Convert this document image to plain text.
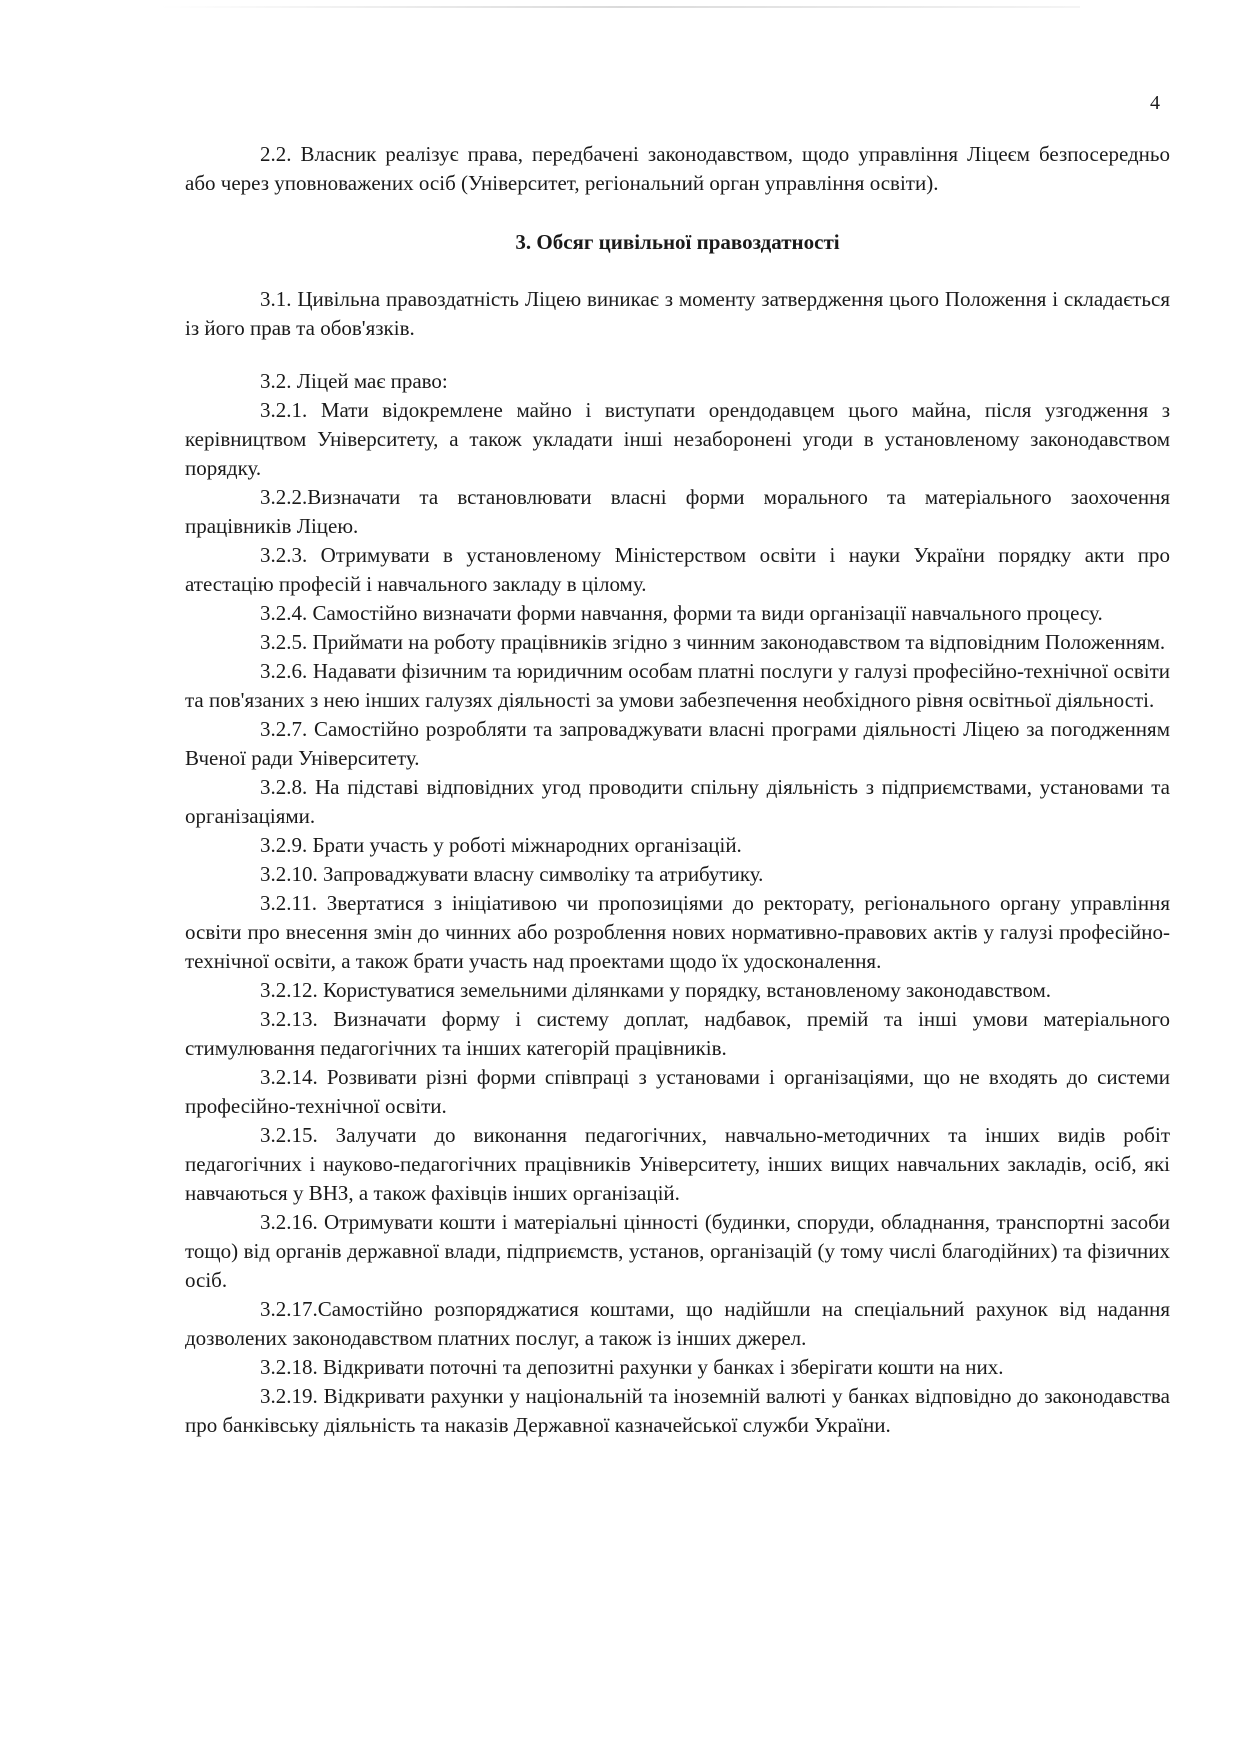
4

2.2. Власник реалізує права, передбачені законодавством, щодо управління Ліцеєм безпосередньо або через уповноважених осіб (Університет, регіональний орган управління освіти).

3. Обсяг цивільної правоздатності

3.1. Цивільна правоздатність Ліцею виникає з моменту затвердження цього Положення і складається із його прав та обов'язків.

3.2. Ліцей має право:

3.2.1. Мати відокремлене майно і виступати орендодавцем цього майна, після узгодження з керівництвом Університету, а також укладати інші незаборонені угоди в установленому законодавством порядку.

3.2.2.Визначати та встановлювати власні форми морального та матеріального заохочення працівників Ліцею.

3.2.3. Отримувати в установленому Міністерством освіти і науки України порядку акти про атестацію професій і навчального закладу в цілому.

3.2.4. Самостійно визначати форми навчання, форми та види організації навчального процесу.

3.2.5. Приймати на роботу працівників згідно з чинним законодавством та відповідним Положенням.

3.2.6. Надавати фізичним та юридичним особам платні послуги у галузі професійно-технічної освіти та пов'язаних з нею інших галузях діяльності за умови забезпечення необхідного рівня освітньої діяльності.

3.2.7. Самостійно розробляти та запроваджувати власні програми діяльності Ліцею за погодженням Вченої ради Університету.

3.2.8. На підставі відповідних угод проводити спільну діяльність з підприємствами, установами та організаціями.

3.2.9. Брати участь у роботі міжнародних організацій.

3.2.10. Запроваджувати власну символіку та атрибутику.

3.2.11. Звертатися з ініціативою чи пропозиціями до ректорату, регіонального органу управління освіти про внесення змін до чинних або розроблення нових нормативно-правових актів у галузі професійно-технічної освіти, а також брати участь над проектами щодо їх удосконалення.

3.2.12. Користуватися земельними ділянками у порядку, встановленому законодавством.

3.2.13. Визначати форму і систему доплат, надбавок, премій та інші умови матеріального стимулювання педагогічних та інших категорій працівників.

3.2.14. Розвивати різні форми співпраці з установами і організаціями, що не входять до системи професійно-технічної освіти.

3.2.15. Залучати до виконання педагогічних, навчально-методичних та інших видів робіт педагогічних і науково-педагогічних працівників Університету, інших вищих навчальних закладів, осіб, які навчаються у ВНЗ, а також фахівців інших організацій.

3.2.16. Отримувати кошти і матеріальні цінності (будинки, споруди, обладнання, транспортні засоби тощо) від органів державної влади, підприємств, установ, організацій (у тому числі благодійних) та фізичних осіб.

3.2.17.Самостійно розпоряджатися коштами, що надійшли на спеціальний рахунок від надання дозволених законодавством платних послуг, а також із інших джерел.

3.2.18. Відкривати поточні та депозитні рахунки у банках і зберігати кошти на них.

3.2.19. Відкривати рахунки у національній та іноземній валюті у банках відповідно до законодавства про банківську діяльність та наказів Державної казначейської служби України.
